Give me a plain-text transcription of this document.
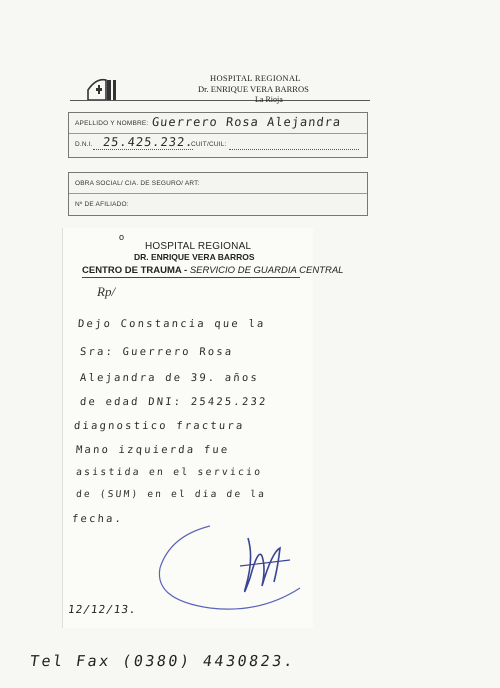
HOSPITAL REGIONAL
Dr. ENRIQUE VERA BARROS
La Rioja
APELLIDO Y NOMBRE: Guerrero Rosa Alejandra
D.N.I. 25.425.232.
CUIT/CUIL:
OBRA SOCIAL/ CIA. DE SEGURO/ ART:
Nº DE AFILIADO:
o
HOSPITAL REGIONAL
DR. ENRIQUE VERA BARROS
CENTRO DE TRAUMA - SERVICIO DE GUARDIA CENTRAL
Rp/
Dejo Constancia que la
Sra: Guerrero Rosa
Alejandra de 39. años
de edad DNI: 25425.232
diagnostico fractura
Mano izquierda fue
asistida en el servicio
de (SUM) en el dia de la
fecha.
12/12/13.
Tel Fax (0380) 4430823.
